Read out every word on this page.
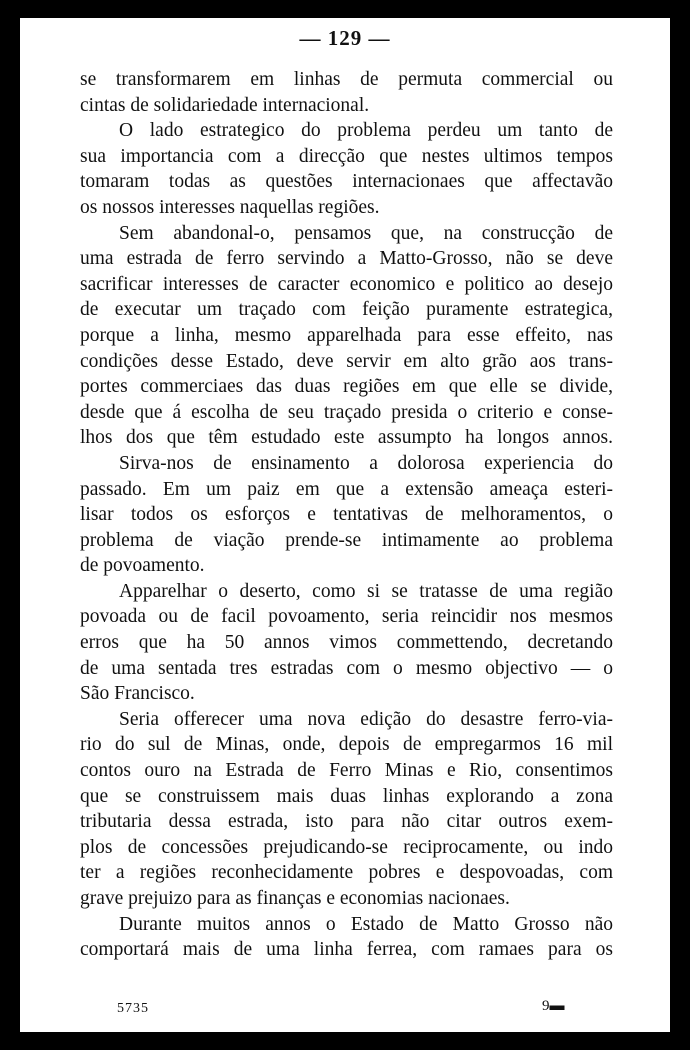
— 129 —

se transformarem em linhas de permuta commercial ou
cintas de solidariedade internacional.

O lado estrategico do problema perdeu um tanto de
sua importancia com a direcção que nestes ultimos tempos
tomaram todas as questões internacionaes que affectavão
os nossos interesses naquellas regiões.

Sem abandonal-o, pensamos que, na construcção de
uma estrada de ferro servindo a Matto-Grosso, não se deve
sacrificar interesses de caracter economico e politico ao desejo
de executar um traçado com feição puramente estrategica,
porque a linha, mesmo apparelhada para esse effeito, nas
condições desse Estado, deve servir em alto grão aos trans-
portes commerciaes das duas regiões em que elle se divide,
desde que á escolha de seu traçado presida o criterio e conse-
lhos dos que têm estudado este assumpto ha longos annos.

Sirva-nos de ensinamento a dolorosa experiencia do
passado. Em um paiz em que a extensão ameaça esteri-
lisar todos os esforços e tentativas de melhoramentos, o
problema de viação prende-se intimamente ao problema
de povoamento.

Apparelhar o deserto, como si se tratasse de uma região
povoada ou de facil povoamento, seria reincidir nos mesmos
erros que ha 50 annos vimos commettendo, decretando
de uma sentada tres estradas com o mesmo objectivo — o
São Francisco.

Seria offerecer uma nova edição do desastre ferro-via-
rio do sul de Minas, onde, depois de empregarmos 16 mil
contos ouro na Estrada de Ferro Minas e Rio, consentimos
que se construissem mais duas linhas explorando a zona
tributaria dessa estrada, isto para não citar outros exem-
plos de concessões prejudicando-se reciprocamente, ou indo
ter a regiões reconhecidamente pobres e despovoadas, com
grave prejuizo para as finanças e economias nacionaes.

Durante muitos annos o Estado de Matto Grosso não
comportará mais de uma linha ferrea, com ramaes para os

5735	9▬
